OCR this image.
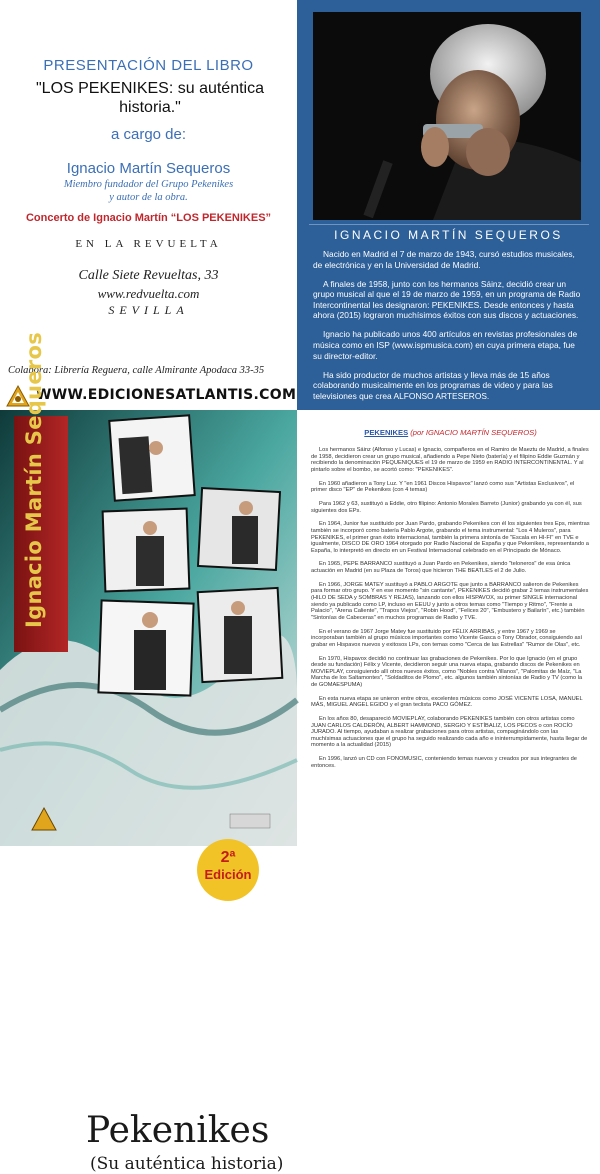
PRESENTACIÓN DEL LIBRO
"LOS PEKENIKES: su auténtica historia."
a cargo de:
Ignacio Martín Sequeros
Miembro fundador del Grupo Pekenikes
y autor de la obra.
Concerto de Ignacio Martín “LOS PEKENIKES”
EN LA REVUELTA
Calle Siete Revueltas, 33
www.redvuelta.com
SEVILLA
Colabora: Librería Reguera, calle Almirante Apodaca 33-35
WWW.EDICIONESATLANTIS.COM
IGNACIO MARTÍN SEQUEROS

Nacido en Madrid el 7 de marzo de 1943, cursó estudios musicales, de electrónica y en la Universidad de Madrid.

A finales de 1958, junto con los hermanos Sáinz, decidió crear un grupo musical al que el 19 de marzo de 1959, en un programa de Radio Intercontinental les designaron: PEKENIKES. Desde entonces y hasta ahora (2015) lograron muchísimos éxitos con sus discos y actuaciones.

Ignacio ha publicado unos 400 artículos en revistas profesionales de música como en ISP (www.ispmusica.com) en cuya primera etapa, fue su director-editor.

Ha sido productor de muchos artistas y lleva más de 15 años colaborando musicalmente en los programas de video y para las televisiones que crea ALFONSO ARTESEROS.

Actualmente es tambien el gerente de una tienda sita en la calle Juan Bravo de Madrid.

2ª
Edición
Pekenikes
(Su auténtica historia)
Ignacio Martín Sequeros	PEKENIKES (por IGNACIO MARTÍN SEQUEROS)

Los hermanos Sáinz (Alfonso y Lucas) e Ignacio, compañeros en el Ramiro de Maeztu de Madrid, a finales de 1958, decidieron crear un grupo musical, añadiendo a Pepe Nieto (batería) y el filipino Eddie Guzmán y recibiendo la denominación PEQUENIQUES el 19 de marzo de 1959 en RADIO INTERCONTINENTAL. Y al pintarlo sobre el bombo, se acortó como: "PEKENIKES".

En 1960 añadieron a Tony Luz. Y "en 1961 Discos Hispavox" lanzó como sus "Artistas Exclusivos", el primer disco "EP" de Pekenikes (con 4 temas)

Para 1962 y 63, sustituyó a Eddie, otro filipino: Antonio Morales Barreto (Junior) grabando ya con él, sus siguientes dos EPs.

En 1964, Junior fue sustituido por Juan Pardo, grabando Pekenikes con él los siguientes tres Eps, mientras también se incorporó como batería Pablo Argote, grabando el tema instrumental: "Los 4 Muleros", para PEKENIKES, el primer gran éxito internacional, también la primera sintonía de "Escala en HI-FI" en TVE e igualmente, DISCO DE ORO 1964 otorgado por Radio Nacional de España y que Pekenikes, representando a España, lo interpretó en directo en un Festival Internacional celebrado en el Principado de Mónaco.

En 1965, PEPE BARRANCO sustituyó a Juan Pardo en Pekenikes, siendo "teloneros" de esa única actuación en Madrid (en su Plaza de Toros) que hicieron THE BEATLES el 2 de Julio.

En 1966, JORGE MATEY sustituyó a PABLO ARGOTE que junto a BARRANCO salieron de Pekenikes para formar otro grupo. Y en ese momento "sin cantante", PEKENIKES decidió grabar 2 temas instrumentales (HILO DE SEDA y SOMBRAS Y REJAS), lanzando con ellos HISPAVOX, su primer SINGLE internacional siendo ya publicado como LP, incluso en EEUU y junto a otros temas como "Tiempo y Ritmo", "Frente a Palacio", "Arena Caliente", "Trapos Viejos", "Robin Hood", "Felices 20", "Embustero y Bailarín", etc.) también "Sintonías de Cabeceras" en muchos programas de Radio y TVE.

En el verano de 1967 Jorge Matey fue sustituido por FÉLIX ARRIBAS, y entre 1967 y 1969 se incorporaban también al grupo músicos importantes como Vicente Gasca o Tony Obrador, consiguiendo así grabar en Hispavox nuevos y exitosos LPs, con temas como "Cerca de las Estrellas" "Rumor de Olas", etc.

En 1970, Hispavox decidió no continuar las grabaciones de Pekenikes. Por lo que Ignacio (en el grupo desde su fundación) Félix y Vicente, decidieron seguir una nueva etapa, grabando discos de Pekenikes en MOVIEPLAY, consiguiendo allí otros nuevos éxitos, como "Nobles contra Villanos", "Palomitas de Maíz, "La Marcha de los Saltamontes", "Soldaditos de Plomo", etc. algunos también sintonías de Radio y TV (como la de GOMAESPUMA)

En esta nueva etapa se unieron entre otros, excelentes músicos como JOSÉ VICENTE LOSA, MANUEL MÁS, MIGUEL ANGEL EGIDO y el gran teclista PACO GÓMEZ.

En los años 80, desapareció MOVIEPLAY, colaborando PEKENIKES también con otros artistas como JUAN CARLOS CALDERÓN, ALBERT HAMMOND, SERGIO Y ESTÍBALIZ, LOS PECOS o con ROCÍO JURADO. Al tiempo, ayudaban a realizar grabaciones para otros artistas, compaginándolo con las muchísimas actuaciones que el grupo ha seguido realizando cada año e ininterrumpidamente, hasta llegar de momento a la actualidad (2015)

En 1996, lanzó un CD con FONOMUSIC, conteniendo temas nuevos y creados por sus integrantes de entonces.
